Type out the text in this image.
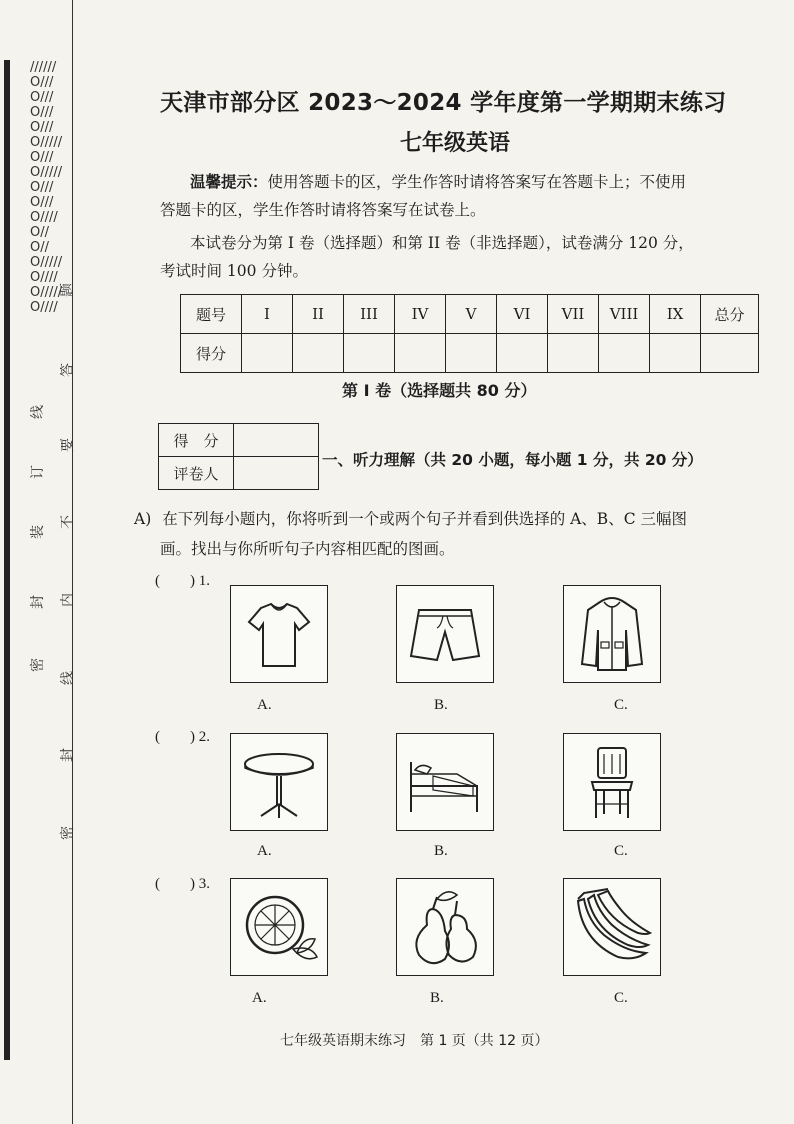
//////O///O///O///O///O/////O///O/////O///O///O////O//O//O/////O////O/////O////
题
答
要
不
内
线
封
密
线
订
装
封
密
天津市部分区 2023～2024 学年度第一学期期末练习
七年级英语
温馨提示：使用答题卡的区，学生作答时请将答案写在答题卡上；不使用
答题卡的区，学生作答时请将答案写在试卷上。
本试卷分为第 I 卷（选择题）和第 II 卷（非选择题），试卷满分 120 分，
考试时间 100 分钟。
题号	I	II	III	IV	V	VI	VII	VIII	IX	总分
得分										
第 I 卷（选择题共 80 分）
得　分	
评卷人	
一、听力理解（共 20 小题，每小题 1 分，共 20 分）
A) 在下列每小题内，你将听到一个或两个句子并看到供选择的 A、B、C 三幅图
画。找出与你所听句子内容相匹配的图画。
(　　) 1.
A.	B.	C.
(　　) 2.
A.	B.	C.
(　　) 3.
A.	B.	C.
七年级英语期末练习　第 1 页（共 12 页）
